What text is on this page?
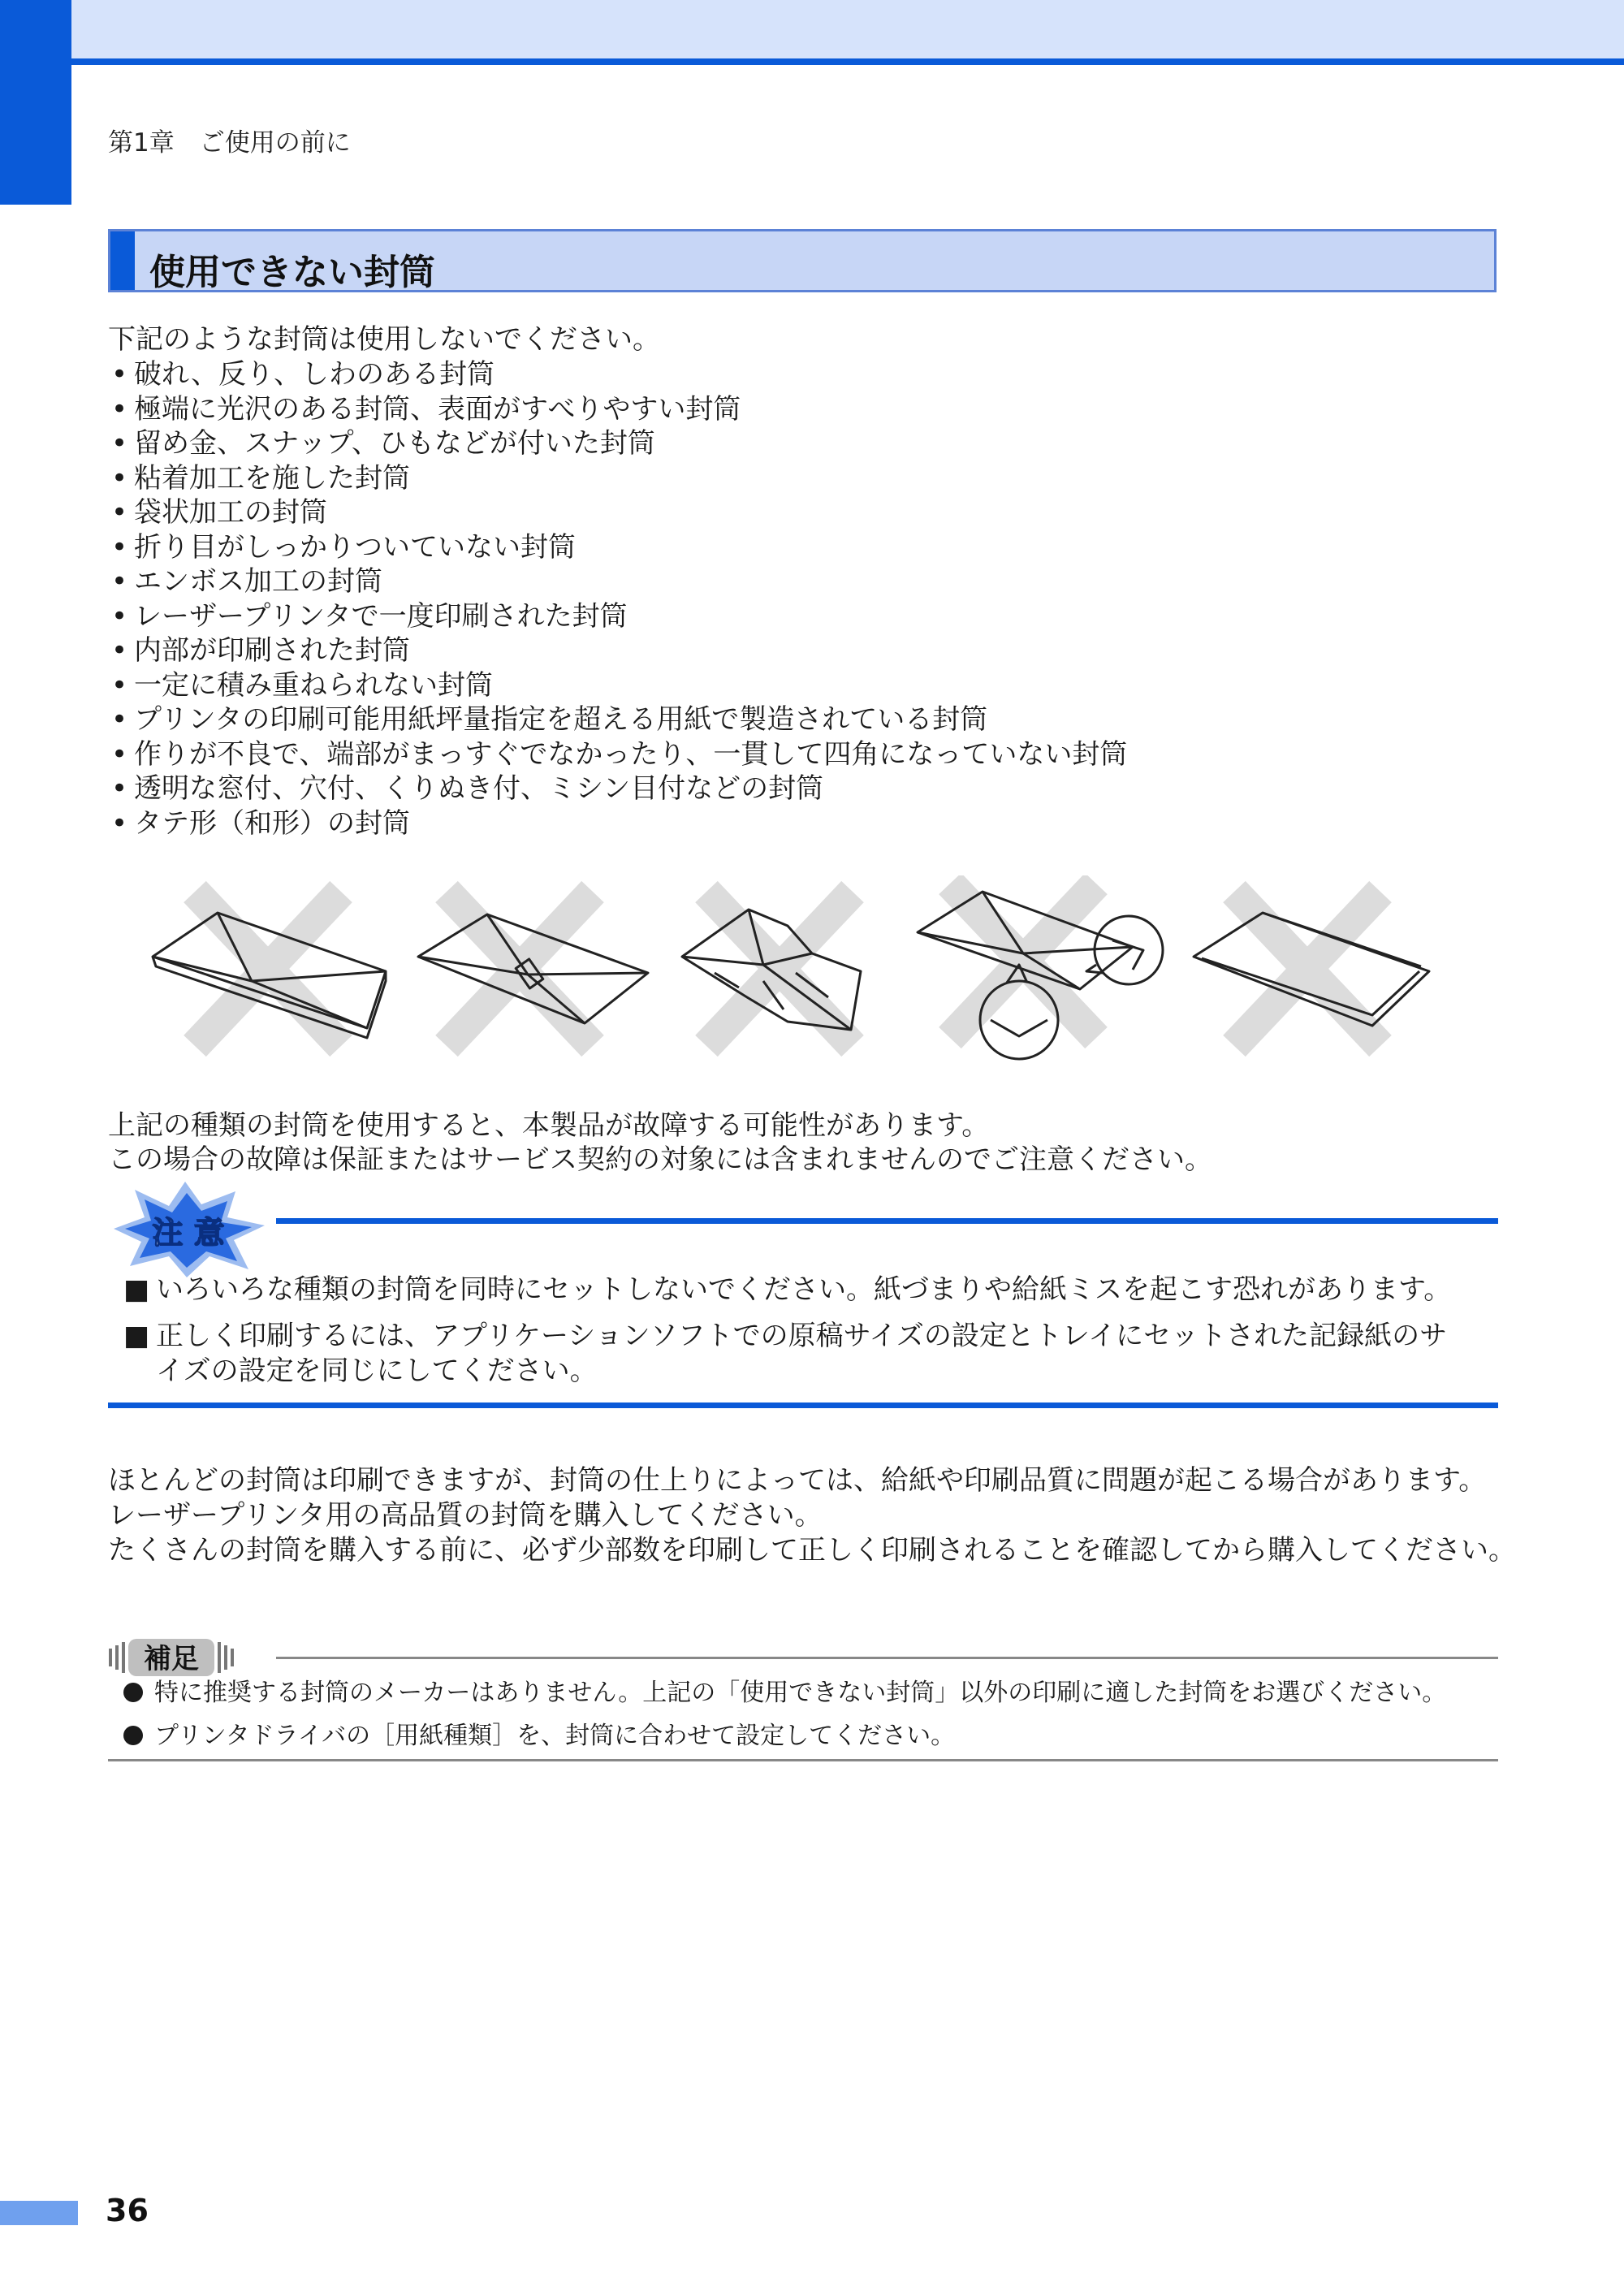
第1章　ご使用の前に
使用できない封筒
下記のような封筒は使用しないでください。
• 破れ、反り、しわのある封筒
• 極端に光沢のある封筒、表面がすべりやすい封筒
• 留め金、スナップ、ひもなどが付いた封筒
• 粘着加工を施した封筒
• 袋状加工の封筒
• 折り目がしっかりついていない封筒
• エンボス加工の封筒
• レーザープリンタで一度印刷された封筒
• 内部が印刷された封筒
• 一定に積み重ねられない封筒
• プリンタの印刷可能用紙坪量指定を超える用紙で製造されている封筒
• 作りが不良で、端部がまっすぐでなかったり、一貫して四角になっていない封筒
• 透明な窓付、穴付、くりぬき付、ミシン目付などの封筒
• タテ形（和形）の封筒
上記の種類の封筒を使用すると、本製品が故障する可能性があります。
この場合の故障は保証またはサービス契約の対象には含まれませんのでご注意ください。
注 意
■ いろいろな種類の封筒を同時にセットしないでください。紙づまりや給紙ミスを起こす恐れがあります。
■ 正しく印刷するには、アプリケーションソフトでの原稿サイズの設定とトレイにセットされた記録紙のサ
イズの設定を同じにしてください。
ほとんどの封筒は印刷できますが、封筒の仕上りによっては、給紙や印刷品質に問題が起こる場合があります。
レーザープリンタ用の高品質の封筒を購入してください。
たくさんの封筒を購入する前に、必ず少部数を印刷して正しく印刷されることを確認してから購入してください。
補足
特に推奨する封筒のメーカーはありません。上記の「使用できない封筒」以外の印刷に適した封筒をお選びください。
プリンタドライバの［用紙種類］を、封筒に合わせて設定してください。
36
